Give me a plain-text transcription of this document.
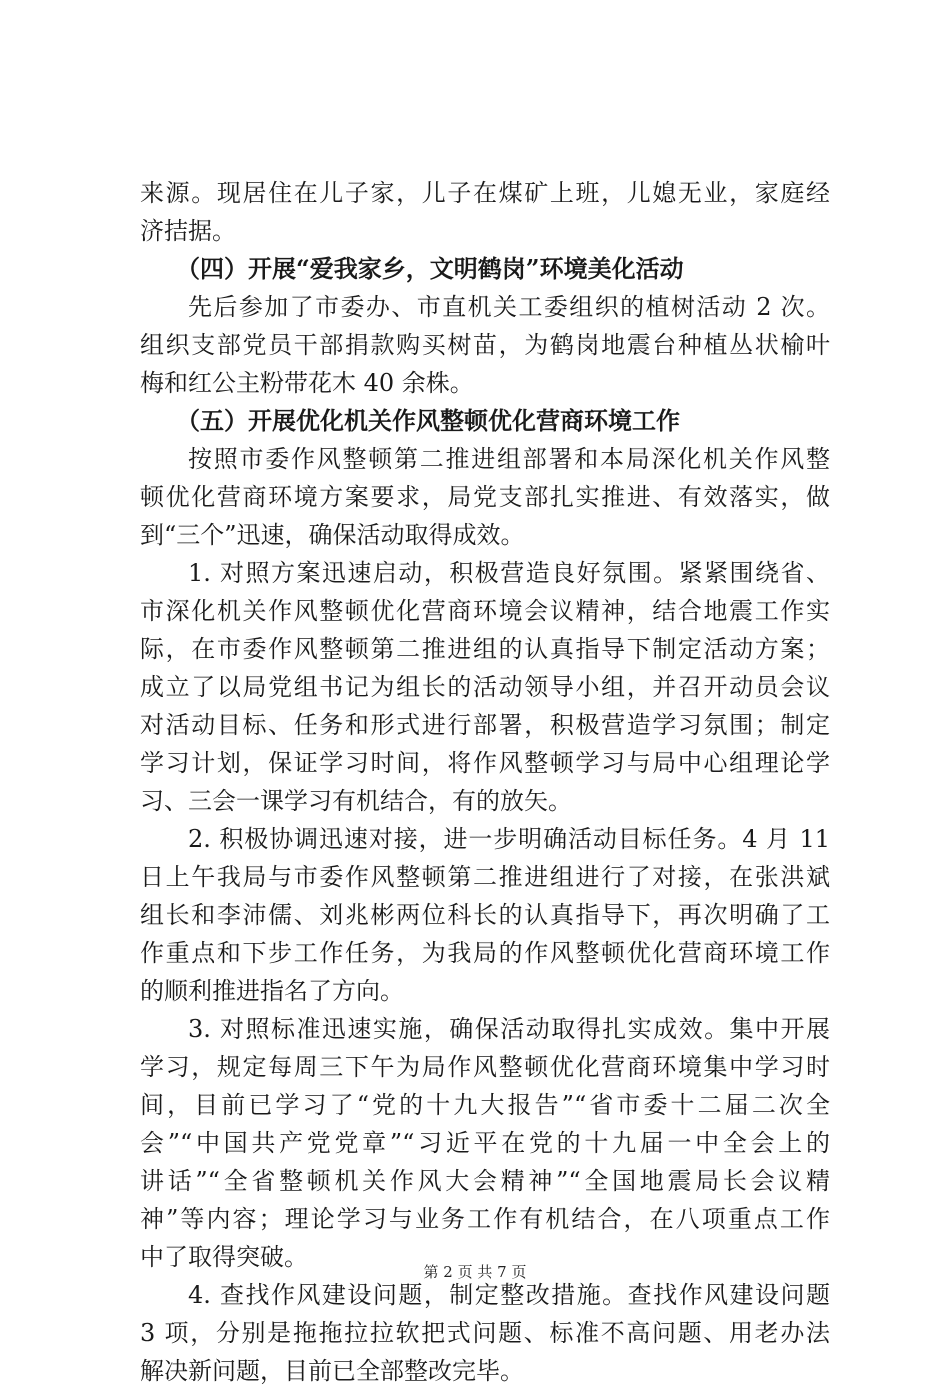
来源。现居住在儿子家，儿子在煤矿上班，儿媳无业，家庭经
济拮据。
（四）开展“爱我家乡，文明鹤岗”环境美化活动
先后参加了市委办、市直机关工委组织的植树活动 2 次。
组织支部党员干部捐款购买树苗，为鹤岗地震台种植丛状榆叶
梅和红公主粉带花木 40 余株。
（五）开展优化机关作风整顿优化营商环境工作
按照市委作风整顿第二推进组部署和本局深化机关作风整
顿优化营商环境方案要求，局党支部扎实推进、有效落实，做
到“三个”迅速，确保活动取得成效。
1. 对照方案迅速启动，积极营造良好氛围。紧紧围绕省、
市深化机关作风整顿优化营商环境会议精神，结合地震工作实
际，在市委作风整顿第二推进组的认真指导下制定活动方案；
成立了以局党组书记为组长的活动领导小组，并召开动员会议
对活动目标、任务和形式进行部署，积极营造学习氛围；制定
学习计划，保证学习时间，将作风整顿学习与局中心组理论学
习、三会一课学习有机结合，有的放矢。
2. 积极协调迅速对接，进一步明确活动目标任务。4 月 11
日上午我局与市委作风整顿第二推进组进行了对接，在张洪斌
组长和李沛儒、刘兆彬两位科长的认真指导下，再次明确了工
作重点和下步工作任务，为我局的作风整顿优化营商环境工作
的顺利推进指名了方向。
3. 对照标准迅速实施，确保活动取得扎实成效。集中开展
学习，规定每周三下午为局作风整顿优化营商环境集中学习时
间，目前已学习了“党的十九大报告”“省市委十二届二次全
会”“中国共产党党章”“习近平在党的十九届一中全会上的
讲话”“全省整顿机关作风大会精神”“全国地震局长会议精
神”等内容；理论学习与业务工作有机结合，在八项重点工作
中了取得突破。
4. 查找作风建设问题，制定整改措施。查找作风建设问题
3 项，分别是拖拖拉拉软把式问题、标准不高问题、用老办法
解决新问题，目前已全部整改完毕。
第 2 页 共 7 页
